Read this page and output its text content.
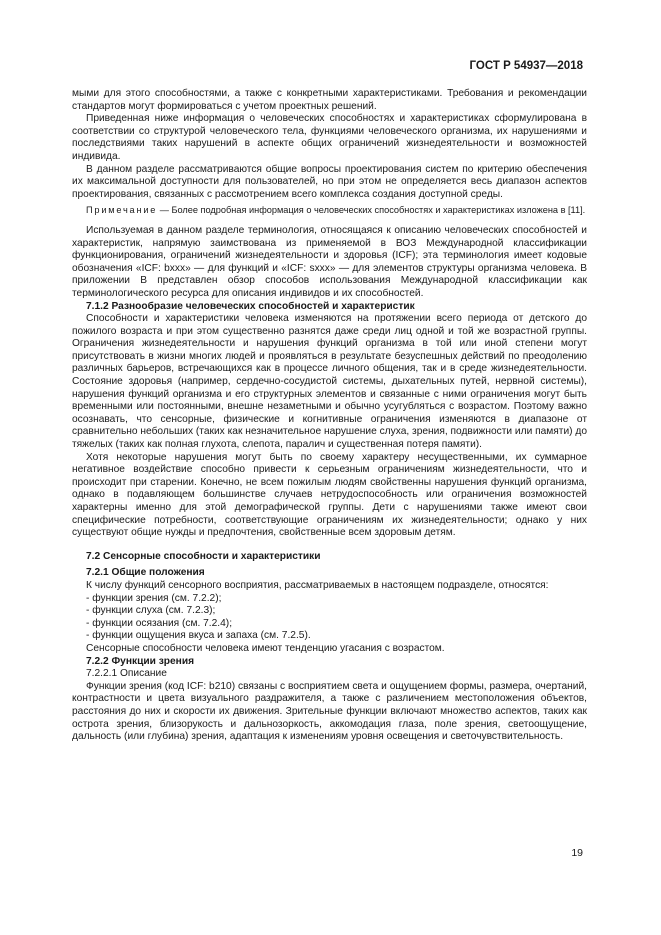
ГОСТ Р 54937—2018

мыми для этого способностями, а также с конкретными характеристиками. Требования и рекомендации стандартов могут формироваться с учетом проектных решений.

Приведенная ниже информация о человеческих способностях и характеристиках сформулирована в соответствии со структурой человеческого тела, функциями человеческого организма, их нарушениями и последствиями таких нарушений в аспекте общих ограничений жизнедеятельности и возможностей индивида.

В данном разделе рассматриваются общие вопросы проектирования систем по критерию обеспечения их максимальной доступности для пользователей, но при этом не определяется весь диапазон аспектов проектирования, связанных с рассмотрением всего комплекса создания доступной среды.

Примечание — Более подробная информация о человеческих способностях и характеристиках изложена в [11].

Используемая в данном разделе терминология, относящаяся к описанию человеческих способностей и характеристик, напрямую заимствована из применяемой в ВОЗ Международной классификации функционирования, ограничений жизнедеятельности и здоровья (ICF); эта терминология имеет кодовые обозначения «ICF: bxxx» — для функций и «ICF: sxxx» — для элементов структуры организма человека. В приложении В представлен обзор способов использования Международной классификации как терминологического ресурса для описания индивидов и их способностей.

7.1.2 Разнообразие человеческих способностей и характеристик

Способности и характеристики человека изменяются на протяжении всего периода от детского до пожилого возраста и при этом существенно разнятся даже среди лиц одной и той же возрастной группы. Ограничения жизнедеятельности и нарушения функций организма в той или иной степени могут присутствовать в жизни многих людей и проявляться в результате безуспешных действий по преодолению различных барьеров, встречающихся как в процессе личного общения, так и в среде жизнедеятельности. Состояние здоровья (например, сердечно-сосудистой системы, дыхательных путей, нервной системы), нарушения функций организма и его структурных элементов и связанные с ними ограничения могут быть временными или постоянными, внешне незаметными и обычно усугубляться с возрастом. Поэтому важно осознавать, что сенсорные, физические и когнитивные ограничения изменяются в диапазоне от сравнительно небольших (таких как незначительное нарушение слуха, зрения, подвижности или памяти) до тяжелых (таких как полная глухота, слепота, паралич и существенная потеря памяти).

Хотя некоторые нарушения могут быть по своему характеру несущественными, их суммарное негативное воздействие способно привести к серьезным ограничениям жизнедеятельности, что и происходит при старении. Конечно, не всем пожилым людям свойственны нарушения функций организма, однако в подавляющем большинстве случаев нетрудоспособность или ограничения возможностей характерны именно для этой демографической группы. Дети с нарушениями также имеют свои специфические потребности, соответствующие ограничениям их жизнедеятельности; однако у них существуют общие нужды и предпочтения, свойственные всем здоровым детям.

7.2 Сенсорные способности и характеристики

7.2.1 Общие положения

К числу функций сенсорного восприятия, рассматриваемых в настоящем подразделе, относятся:

- функции зрения (см. 7.2.2);

- функции слуха (см. 7.2.3);

- функции осязания (см. 7.2.4);

- функции ощущения вкуса и запаха (см. 7.2.5).

Сенсорные способности человека имеют тенденцию угасания с возрастом.

7.2.2 Функции зрения

7.2.2.1 Описание

Функции зрения (код ICF: b210) связаны с восприятием света и ощущением формы, размера, очертаний, контрастности и цвета визуального раздражителя, а также с различением местоположения объектов, расстояния до них и скорости их движения. Зрительные функции включают множество аспектов, таких как острота зрения, близорукость и дальнозоркость, аккомодация глаза, поле зрения, светоощущение, дальность (или глубина) зрения, адаптация к изменениям уровня освещения и светочувствительность.

19
